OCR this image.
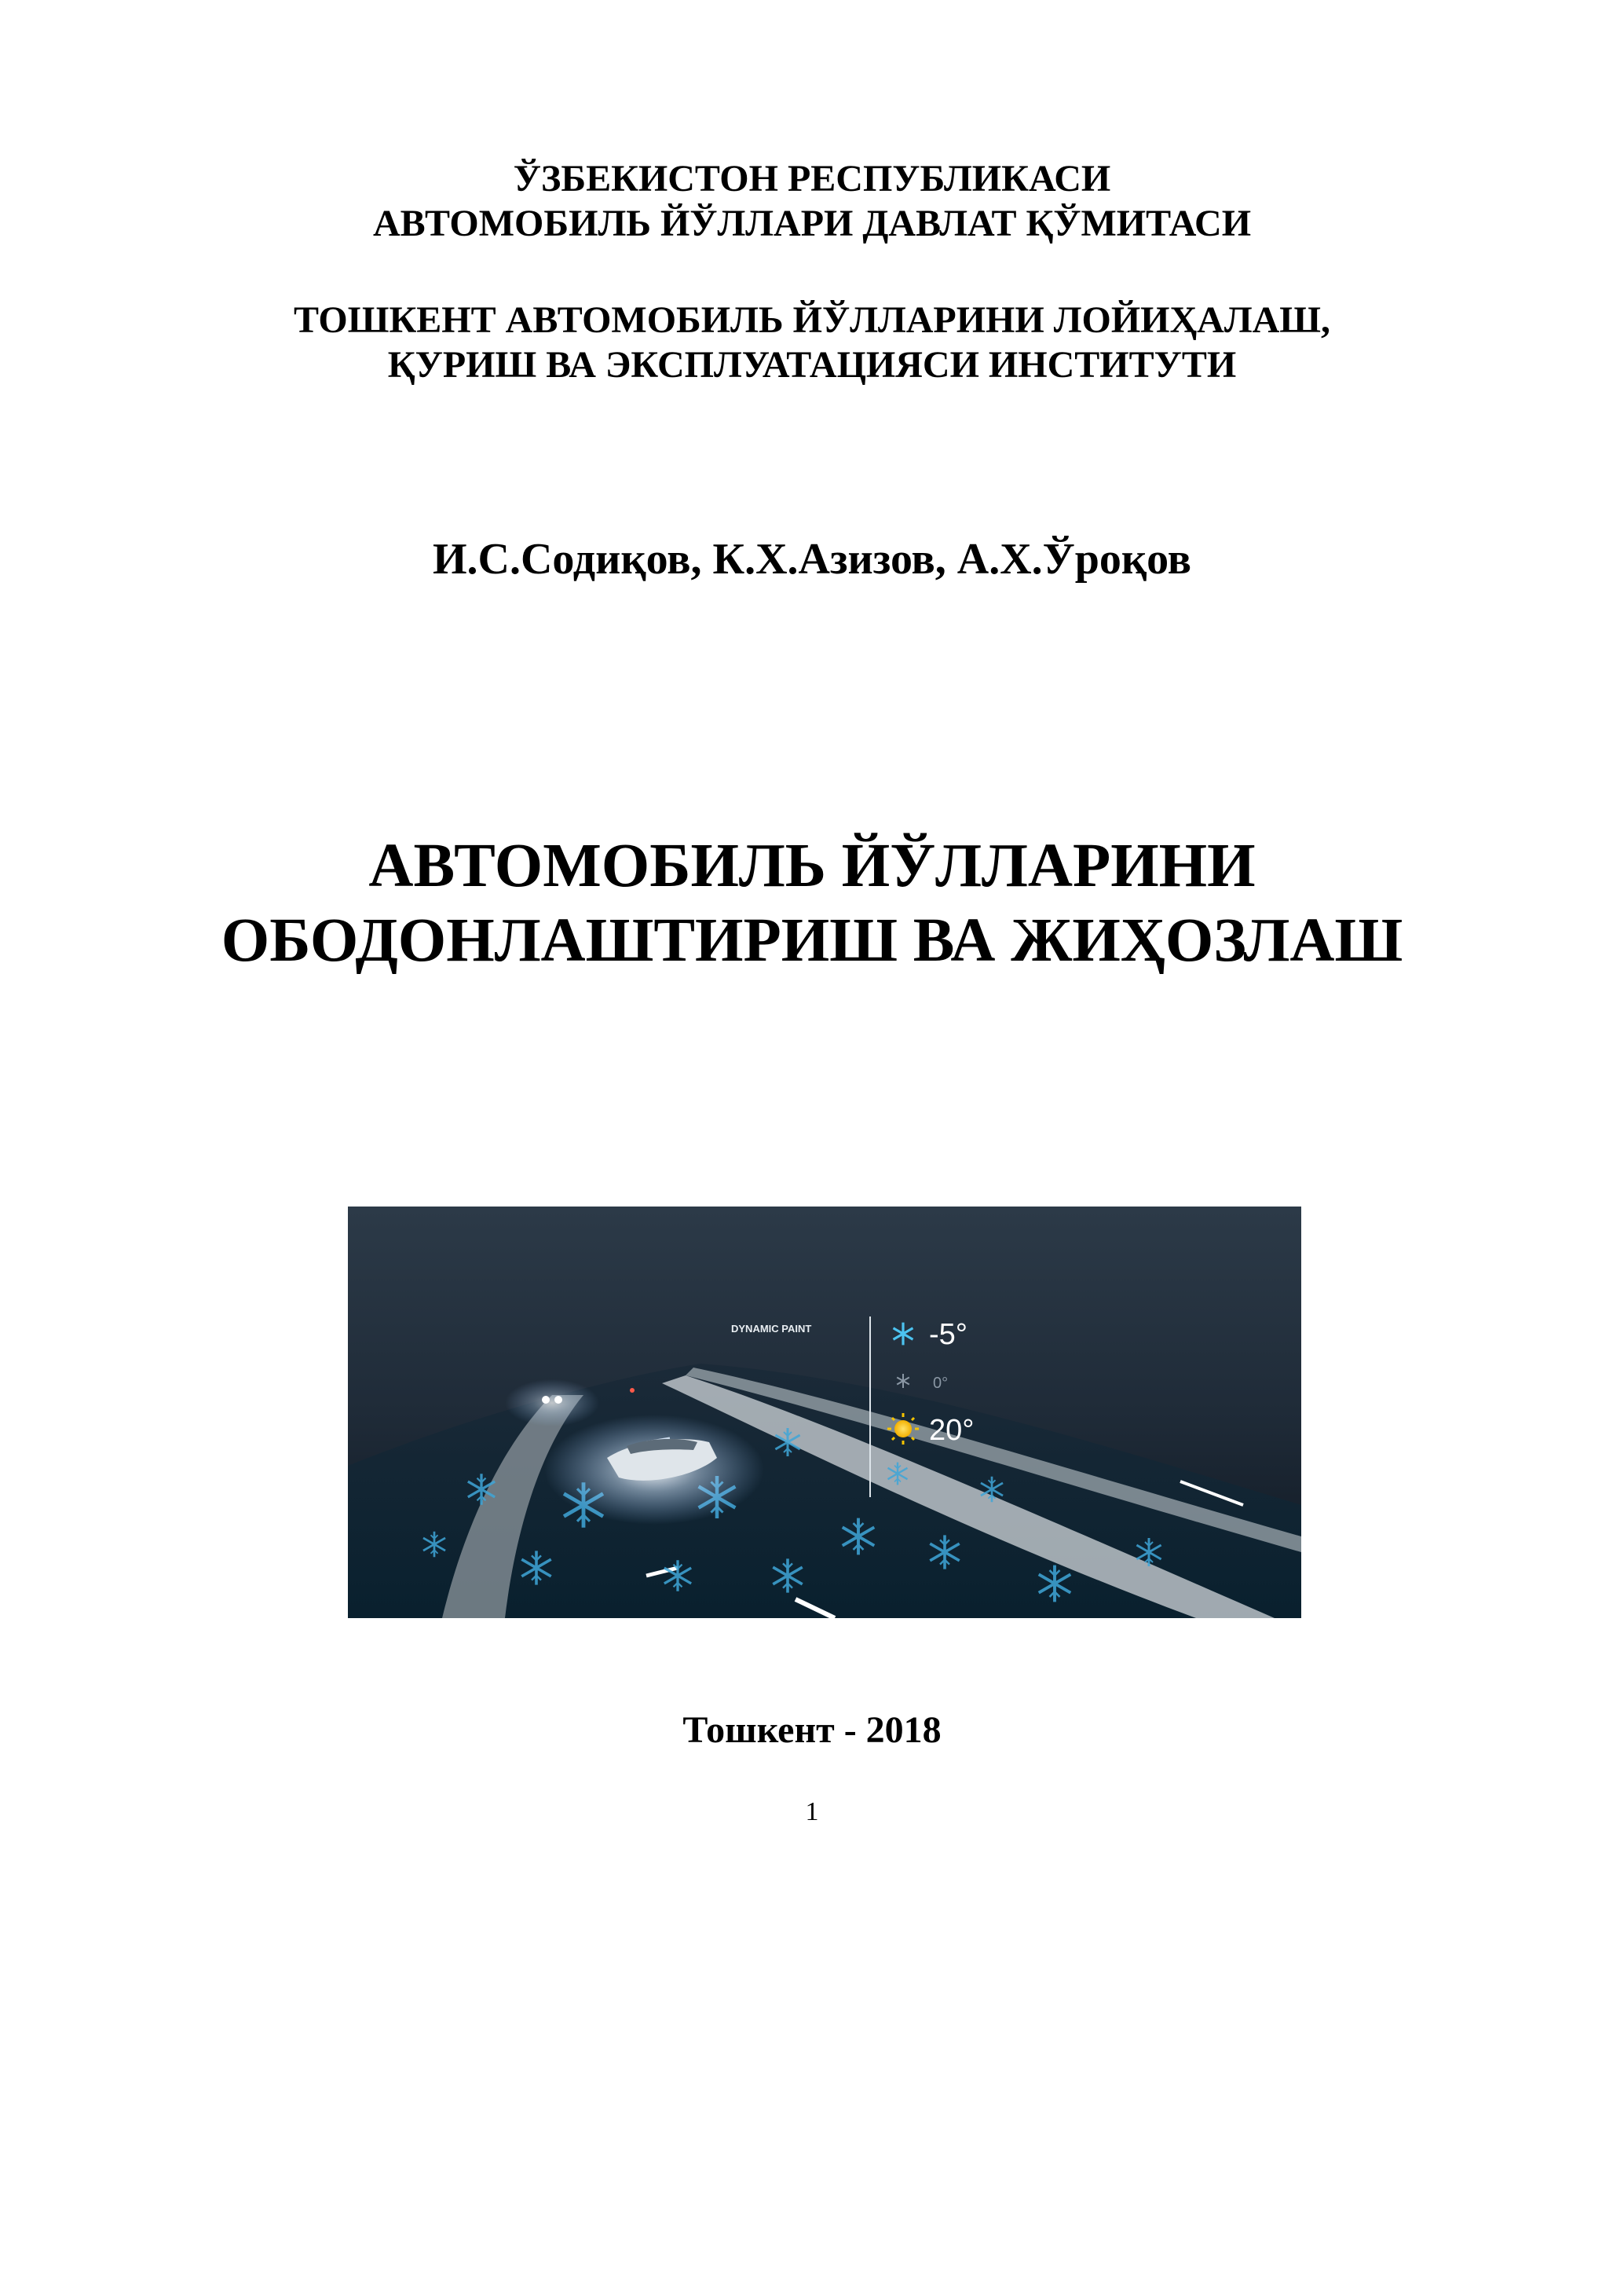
ЎЗБЕКИСТОН РЕСПУБЛИКАСИ
АВТОМОБИЛЬ ЙЎЛЛАРИ ДАВЛАТ ҚЎМИТАСИ
ТОШКЕНТ АВТОМОБИЛЬ ЙЎЛЛАРИНИ ЛОЙИҲАЛАШ,
ҚУРИШ ВА ЭКСПЛУАТАЦИЯСИ ИНСТИТУТИ
И.С.Содиқов, К.Х.Азизов, А.Х.Ўроқов
АВТОМОБИЛЬ ЙЎЛЛАРИНИ
ОБОДОНЛАШТИРИШ ВА ЖИҲОЗЛАШ
DYNAMIC PAINT	-5°
0°
20°
Тошкент - 2018
1
